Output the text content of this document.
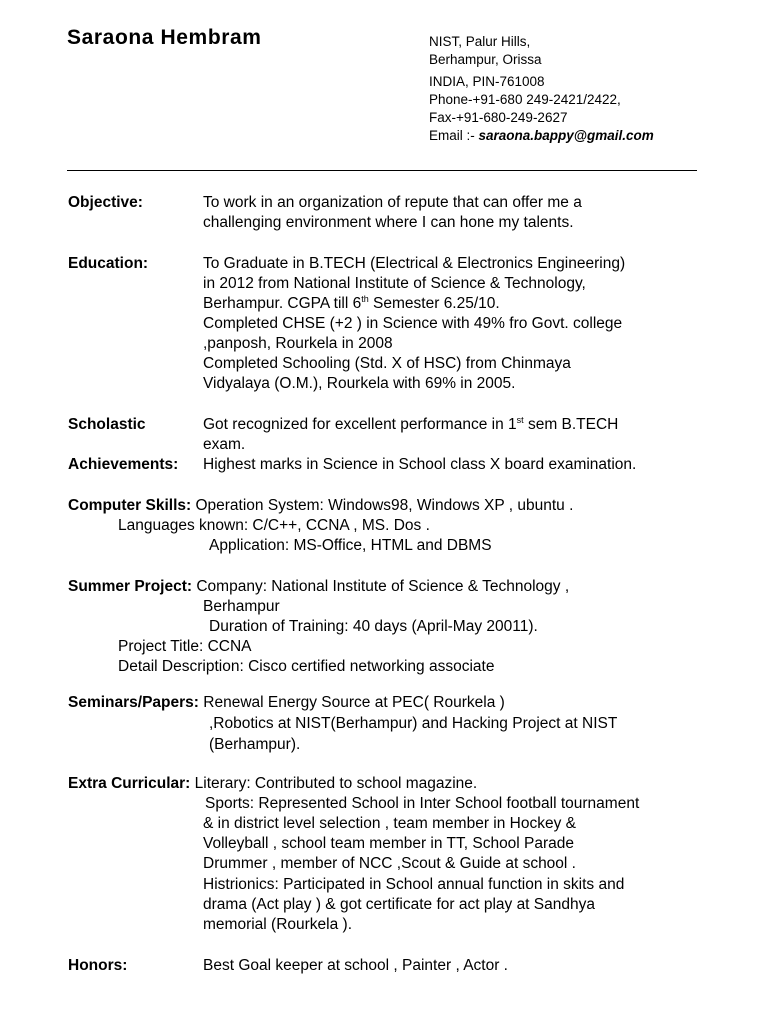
Saraona Hembram	NIST, Palur Hills,
Berhampur, Orissa
INDIA, PIN-761008
Phone-+91-680 249-2421/2422,
Fax-+91-680-249-2627
Email :- saraona.bappy@gmail.com
Objective:	To work in an organization of repute that can offer me a
challenging environment where I can hone my talents.
Education:	To Graduate in B.TECH (Electrical & Electronics Engineering)
in 2012 from National Institute of Science & Technology,
Berhampur. CGPA till 6th Semester 6.25/10.
Completed CHSE (+2 ) in Science with 49% fro Govt. college
,panposh, Rourkela in 2008
Completed Schooling (Std. X of HSC) from Chinmaya
Vidyalaya (O.M.), Rourkela with 69% in 2005.
Scholastic	Got recognized for excellent performance in 1st sem B.TECH
exam.
Achievements: Highest marks in Science in School class X board examination.
Computer Skills: Operation System: Windows98, Windows XP , ubuntu .
Languages known: C/C++, CCNA , MS. Dos .
Application: MS-Office, HTML and DBMS
Summer Project: Company: National Institute of Science & Technology ,
Berhampur
Duration of Training: 40 days (April-May 20011).
Project Title: CCNA
Detail Description: Cisco certified networking associate
Seminars/Papers: Renewal Energy Source at PEC( Rourkela )
,Robotics at NIST(Berhampur) and Hacking Project at NIST
(Berhampur).
Extra Curricular: Literary: Contributed to school magazine.
Sports: Represented School in Inter School football tournament
& in district level selection , team member in Hockey &
Volleyball , school team member in TT, School Parade
Drummer , member of NCC ,Scout & Guide at school .
Histrionics: Participated in School annual function in skits and
drama (Act play ) & got certificate for act play at Sandhya
memorial (Rourkela ).
Honors:	Best Goal keeper at school , Painter , Actor .
